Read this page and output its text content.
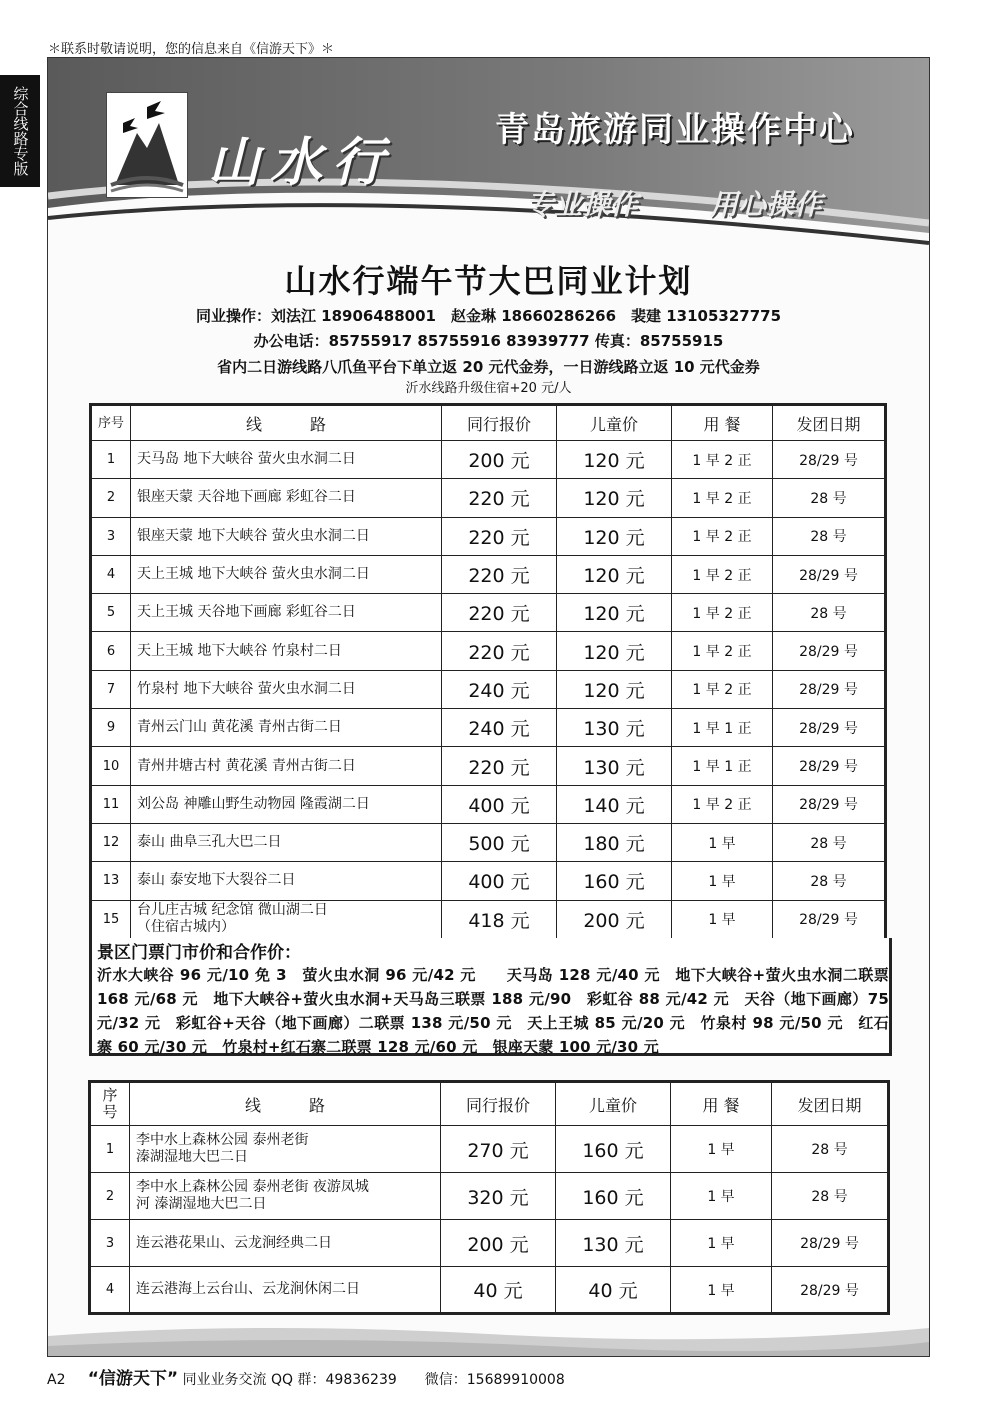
＊联系时敬请说明，您的信息来自《信游天下》＊
综合线路专版	山水行
青岛旅游同业操作中心
专业操作	用心操作
山水行端午节大巴同业计划
同业操作：刘法江 18906488001　赵金琳 18660286266　裴建 13105327775
办公电话：85755917 85755916 83939777 传真：85755915
省内二日游线路八爪鱼平台下单立返 20 元代金券，一日游线路立返 10 元代金券
沂水线路升级住宿+20 元/人
序号	线　　　路	同行报价	儿童价	用 餐	发团日期
1	天马岛 地下大峡谷 萤火虫水洞二日	200 元	120 元	1 早 2 正	28/29 号
2	银座天蒙 天谷地下画廊 彩虹谷二日	220 元	120 元	1 早 2 正	28 号
3	银座天蒙 地下大峡谷 萤火虫水洞二日	220 元	120 元	1 早 2 正	28 号
4	天上王城 地下大峡谷 萤火虫水洞二日	220 元	120 元	1 早 2 正	28/29 号
5	天上王城 天谷地下画廊 彩虹谷二日	220 元	120 元	1 早 2 正	28 号
6	天上王城 地下大峡谷 竹泉村二日	220 元	120 元	1 早 2 正	28/29 号
7	竹泉村 地下大峡谷 萤火虫水洞二日	240 元	120 元	1 早 2 正	28/29 号
9	青州云门山 黄花溪 青州古街二日	240 元	130 元	1 早 1 正	28/29 号
10	青州井塘古村 黄花溪 青州古街二日	220 元	130 元	1 早 1 正	28/29 号
11	刘公岛 神雕山野生动物园 隆霞湖二日	400 元	140 元	1 早 2 正	28/29 号
12	泰山 曲阜三孔大巴二日	500 元	180 元	1 早	28 号
13	泰山 泰安地下大裂谷二日	400 元	160 元	1 早	28 号
15	台儿庄古城 纪念馆 微山湖二日
（住宿古城内）	418 元	200 元	1 早	28/29 号
景区门票门市价和合作价：
沂水大峡谷 96 元/10 免 3　萤火虫水洞 96 元/42 元　　天马岛 128 元/40 元　地下大峡谷+萤火虫水洞二联票 168 元/68 元　地下大峡谷+萤火虫水洞+天马岛三联票 188 元/90　彩虹谷 88 元/42 元　天谷（地下画廊）75 元/32 元　彩虹谷+天谷（地下画廊）二联票 138 元/50 元　天上王城 85 元/20 元　竹泉村 98 元/50 元　红石寨 60 元/30 元　竹泉村+红石寨二联票 128 元/60 元　银座天蒙 100 元/30 元
序号	线　　　路	同行报价	儿童价	用 餐	发团日期
1	李中水上森林公园 泰州老街
溱湖湿地大巴二日	270 元	160 元	1 早	28 号
2	李中水上森林公园 泰州老街 夜游凤城
河 溱湖湿地大巴二日	320 元	160 元	1 早	28 号
3	连云港花果山、云龙涧经典二日	200 元	130 元	1 早	28/29 号
4	连云港海上云台山、云龙涧休闲二日	40 元	40 元	1 早	28/29 号
A2 “信游天下” 同业业务交流 QQ 群：49836239　　微信：15689910008
